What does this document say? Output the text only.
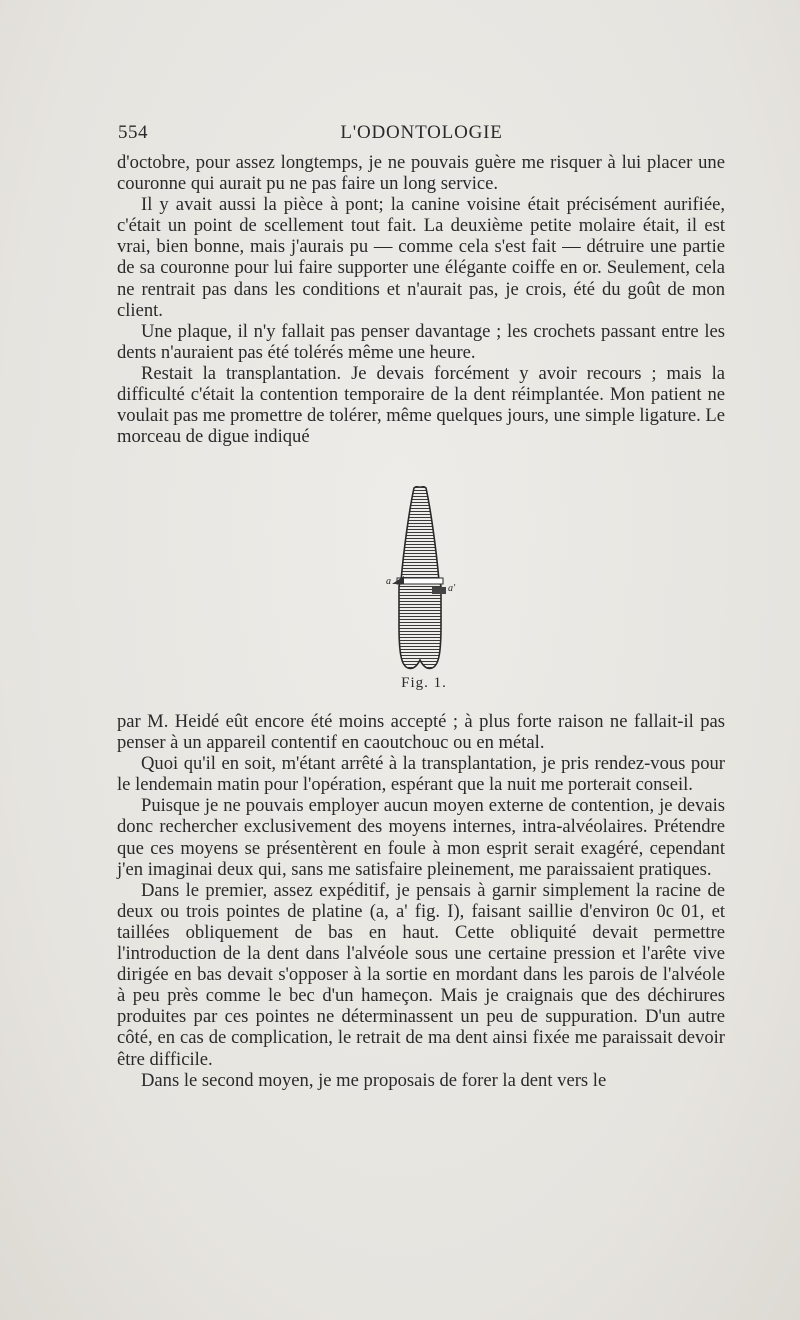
554	L'ODONTOLOGIE

d'octobre, pour assez longtemps, je ne pouvais guère me risquer à lui placer une couronne qui aurait pu ne pas faire un long service.

Il y avait aussi la pièce à pont; la canine voisine était précisément aurifiée, c'était un point de scellement tout fait. La deuxième petite molaire était, il est vrai, bien bonne, mais j'aurais pu — comme cela s'est fait — détruire une partie de sa couronne pour lui faire supporter une élégante coiffe en or. Seulement, cela ne rentrait pas dans les conditions et n'aurait pas, je crois, été du goût de mon client.

Une plaque, il n'y fallait pas penser davantage ; les crochets passant entre les dents n'auraient pas été tolérés même une heure.

Restait la transplantation. Je devais forcément y avoir recours ; mais la difficulté c'était la contention temporaire de la dent réimplantée. Mon patient ne voulait pas me promettre de tolérer, même quelques jours, une simple ligature. Le morceau de digue indiqué

a
a'
Fig. 1.

par M. Heidé eût encore été moins accepté ; à plus forte raison ne fallait-il pas penser à un appareil contentif en caoutchouc ou en métal.

Quoi qu'il en soit, m'étant arrêté à la transplantation, je pris rendez-vous pour le lendemain matin pour l'opération, espérant que la nuit me porterait conseil.

Puisque je ne pouvais employer aucun moyen externe de contention, je devais donc rechercher exclusivement des moyens internes, intra-alvéolaires. Prétendre que ces moyens se présentèrent en foule à mon esprit serait exagéré, cependant j'en imaginai deux qui, sans me satisfaire pleinement, me paraissaient pratiques.

Dans le premier, assez expéditif, je pensais à garnir simplement la racine de deux ou trois pointes de platine (a, a' fig. I), faisant saillie d'environ 0c 01, et taillées obliquement de bas en haut. Cette obliquité devait permettre l'introduction de la dent dans l'alvéole sous une certaine pression et l'arête vive dirigée en bas devait s'opposer à la sortie en mordant dans les parois de l'alvéole à peu près comme le bec d'un hameçon. Mais je craignais que des déchirures produites par ces pointes ne déterminassent un peu de suppuration. D'un autre côté, en cas de complication, le retrait de ma dent ainsi fixée me paraissait devoir être difficile.

Dans le second moyen, je me proposais de forer la dent vers le
